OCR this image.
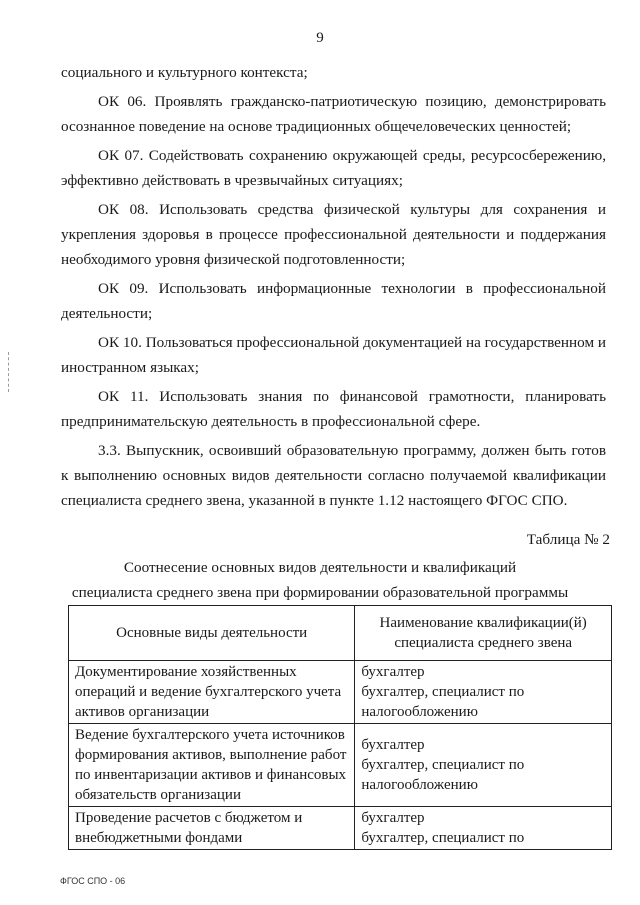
9

социального и культурного контекста;

ОК 06. Проявлять гражданско-патриотическую позицию, демонстрировать осознанное поведение на основе традиционных общечеловеческих ценностей;

ОК 07. Содействовать сохранению окружающей среды, ресурсосбережению, эффективно действовать в чрезвычайных ситуациях;

ОК 08. Использовать средства физической культуры для сохранения и укрепления здоровья в процессе профессиональной деятельности и поддержания необходимого уровня физической подготовленности;

ОК 09. Использовать информационные технологии в профессиональной деятельности;

ОК 10. Пользоваться профессиональной документацией на государственном и иностранном языках;

ОК 11. Использовать знания по финансовой грамотности, планировать предпринимательскую деятельность в профессиональной сфере.

3.3. Выпускник, освоивший образовательную программу, должен быть готов к выполнению основных видов деятельности согласно получаемой квалификации специалиста среднего звена, указанной в пункте 1.12 настоящего ФГОС СПО.

Таблица № 2
Соотнесение основных видов деятельности и квалификаций
специалиста среднего звена при формировании образовательной программы
Основные виды деятельности	Наименование квалификации(й)
специалиста среднего звена

Документирование хозяйственных
операций и ведение бухгалтерского учета
активов организации	бухгалтер
бухгалтер, специалист по
налогообложению

Ведение бухгалтерского учета источников
формирования активов, выполнение работ
по инвентаризации активов и финансовых
обязательств организации	бухгалтер
бухгалтер, специалист по
налогообложению

Проведение расчетов с бюджетом и
внебюджетными фондами	бухгалтер
бухгалтер, специалист по
ФГОС СПО - 06
